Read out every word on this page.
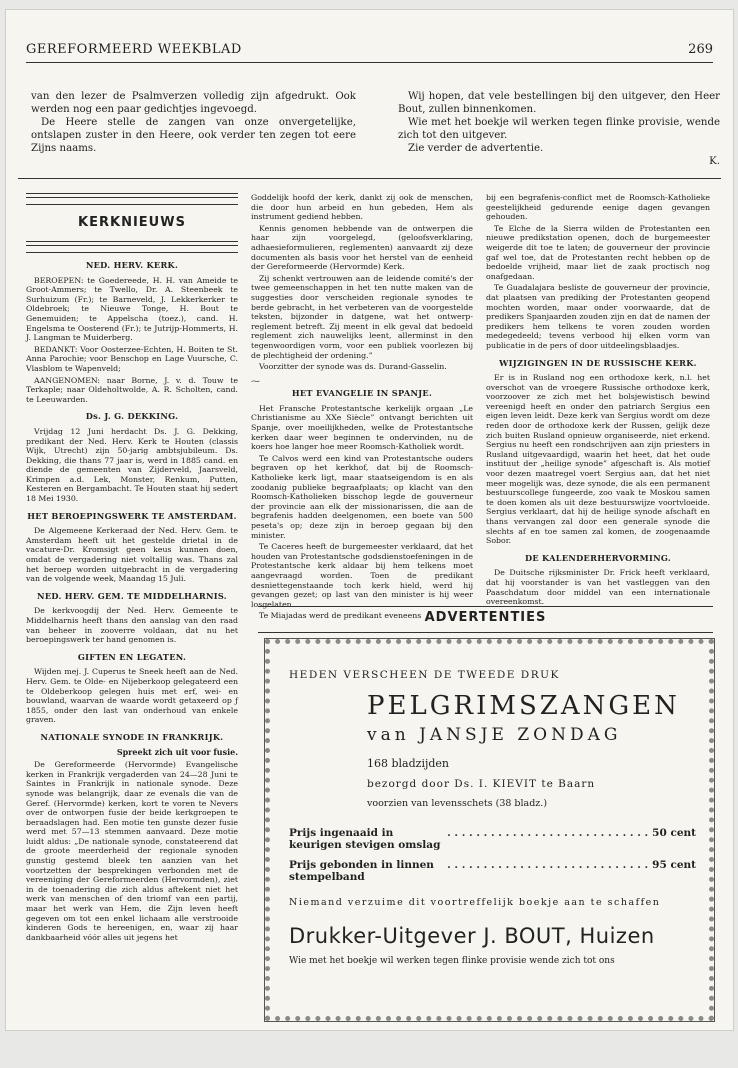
GEREFORMEERD WEEKBLAD	269

van den lezer de Psalmverzen volledig zijn afgedrukt. Ook werden nog een paar gedichtjes ingevoegd.

De Heere stelle de zangen van onze onvergetelijke, ontslapen zuster in den Heere, ook verder ten zegen tot eere Zijns naams.

Wij hopen, dat vele bestellingen bij den uitgever, den Heer Bout, zullen binnenkomen.

Wie met het boekje wil werken tegen flinke provisie, wende zich tot den uitgever.

Zie verder de advertentie.

K.
KERKNIEUWS
NED. HERV. KERK.

BEROEPEN: te Goedereede, H. H. van Ameide te Groot-Ammers; te Twello, Dr. A. Steenbeek te Surhuizum (Fr.); te Barneveld, J. Lekkerkerker te Oldebroek; te Nieuwe Tonge, H. Bout te Genemuiden; te Appelscha (toez.), cand. H. Engelsma te Oosterend (Fr.); te Jutrijp-Hommerts, H. J. Langman te Muiderberg.

BEDANKT: Voor Oosterzee-Echten, H. Boiten te St. Anna Parochie; voor Benschop en Lage Vuursche, C. Vlasblom te Wapenveld;

AANGENOMEN: naar Borne, J. v. d. Touw te Terkaple; naar Oldeholtwolde, A. R. Scholten, cand. te Leeuwarden.

Ds. J. G. DEKKING.

Vrijdag 12 Juni herdacht Ds. J. G. Dekking, predikant der Ned. Herv. Kerk te Houten (classis Wijk, Utrecht) zijn 50-jarig ambtsjubileum. Ds. Dekking, die thans 77 jaar is, werd in 1885 cand. en diende de gemeenten van Zijderveld, Jaarsveld, Krimpen a.d. Lek, Monster, Renkum, Putten, Kesteren en Bergambacht. Te Houten staat hij sedert 18 Mei 1930.

HET BEROEPINGSWERK TE AMSTERDAM.

De Algemeene Kerkeraad der Ned. Herv. Gem. te Amsterdam heeft uit het gestelde drietal in de vacature-Dr. Kromsigt geen keus kunnen doen, omdat de vergadering niet voltallig was. Thans zal het beroep worden uitgebracht in de vergadering van de volgende week, Maandag 15 Juli.

NED. HERV. GEM. TE MIDDELHARNIS.

De kerkvoogdij der Ned. Herv. Gemeente te Middelharnis heeft thans den aanslag van den raad van beheer in zooverre voldaan, dat nu het beroepingswerk ter hand genomen is.

GIFTEN EN LEGATEN.

Wijden mej. J. Cuperus te Sneek heeft aan de Ned. Herv. Gem. te Olde- en Nijeberkoop gelegateerd een te Oldeberkoop gelegen huis met erf, wei- en bouwland, waarvan de waarde wordt getaxeerd op ƒ 1855, onder den last van onderhoud van enkele graven.

NATIONALE SYNODE IN FRANKRIJK.
Spreekt zich uit voor fusie.

De Gereformeerde (Hervormde) Evangelische kerken in Frankrijk vergaderden van 24—28 Juni te Saintes in Frankrijk in nationale synode. Deze synode was belangrijk, daar ze evenals die van de Geref. (Hervormde) kerken, kort te voren te Nevers over de ontworpen fusie der beide kerkgroepen te beraadslagen had. Een motie ten gunste dezer fusie werd met 57—13 stemmen aanvaard. Deze motie luidt aldus: „De nationale synode, constateerend dat de groote meerderheid der regionale synoden gunstig gestemd bleek ten aanzien van het voortzetten der besprekingen verbonden met de vereeniging der Gereformeerden (Hervormden), ziet in de toenadering die zich aldus aftekent niet het werk van menschen of den triomf van een partij, maar het werk van Hem, die Zijn leven heeft gegeven om tot een enkel lichaam alle verstrooide kinderen Gods te hereenigen, en, waar zij haar dankbaarheid vóór alles uit jegens het

Goddelijk hoofd der kerk, dankt zij ook de menschen, die door hun arbeid en hun gebeden, Hem als instrument gediend hebben.

Kennis genomen hebbende van de ontwerpen die haar zijn voorgelegd, (geloofsverklaring, adhaesieformulieren, reglementen) aanvaardt zij deze documenten als basis voor het herstel van de eenheid der Gereformeerde (Hervormde) Kerk.

Zij schenkt vertrouwen aan de leidende comité's der twee gemeenschappen in het ten nutte maken van de suggesties door verscheiden regionale synodes te berde gebracht, in het verbeteren van de voorgestelde teksten, bijzonder in datgene, wat het ontwerp-reglement betreft. Zij meent in elk geval dat bedoeld reglement zich nauwelijks leent, allerminst in den tegenwoordigen vorm, voor een publiek voorlezen bij de plechtigheid der ordening.”

Voorzitter der synode was ds. Durand-Gasselin.

⁓
HET EVANGELIE IN SPANJE.

Het Fransche Protestantsche kerkelijk orgaan „Le Christianisme au XXe Siècle” ontvangt berichten uit Spanje, over moeilijkheden, welke de Protestantsche kerken daar weer beginnen te ondervinden, nu de koers hoe langer hoe meer Roomsch-Katholiek wordt.

Te Calvos werd een kind van Protestantsche ouders begraven op het kerkhof, dat bij de Roomsch-Katholieke kerk ligt, maar staatseigendom is en als zoodanig publieke begraafplaats; op klacht van den Roomsch-Katholieken bisschop legde de gouverneur der provincie aan elk der missionarissen, die aan de begrafenis hadden deelgenomen, een boete van 500 peseta's op; deze zijn in beroep gegaan bij den minister.

Te Caceres heeft de burgemeester verklaard, dat het houden van Protestantsche godsdienstoefeningen in de Protestantsche kerk aldaar bij hem telkens moet aangevraagd worden. Toen de predikant desniettegenstaande toch kerk hield, werd hij gevangen gezet; op last van den minister is hij weer losgelaten.

Te Miajadas werd de predikant eveneens

bij een begrafenis-conflict met de Roomsch-Katholieke geestelijkheid gedurende eenige dagen gevangen gehouden.

Te Elche de la Sierra wilden de Protestanten een nieuwe predikstation openen, doch de burgemeester weigerde dit toe te laten; de gouverneur der provincie gaf wel toe, dat de Protestanten recht hebben op de bedoelde vrijheid, maar liet de zaak proctisch nog onafgedaan.

Te Guadalajara besliste de gouverneur der provincie, dat plaatsen van prediking der Protestanten geopend mochten worden, maar onder voorwaarde, dat de predikers Spanjaarden zouden zijn en dat de namen der predikers hem telkens te voren zouden worden medegedeeld; tevens verbood hij elken vorm van publicatie in de pers of door uitdeelingsblaadjes.

WIJZIGINGEN IN DE RUSSISCHE KERK.

Er is in Rusland nog een orthodoxe kerk, n.l. het overschot van de vroegere Russische orthodoxe kerk, voorzoover ze zich met het bolsjewistisch bewind vereenigd heeft en onder den patriarch Sergius een eigen leven leidt. Deze kerk van Sergius wordt om deze reden door de orthodoxe kerk der Russen, gelijk deze zich buiten Rusland opnieuw organiseerde, niet erkend. Sergius nu heeft een rondschrijven aan zijn priesters in Rusland uitgevaardigd, waarin het heet, dat het oude instituut der „heilige synode” afgeschaft is. Als motief voor dezen maatregel voert Sergius aan, dat het niet meer mogelijk was, deze synode, die als een permanent bestuurscollege fungeerde, zoo vaak te Moskou samen te doen komen als uit deze bestuurswijze voortvloeide. Sergius verklaart, dat hij de heilige synode afschaft en thans vervangen zal door een generale synode die slechts af en toe samen zal komen, de zoogenaamde Sobor.

DE KALENDERHERVORMING.

De Duitsche rijksminister Dr. Frick heeft verklaard, dat hij voorstander is van het vastleggen van den Paaschdatum door middel van een internationale overeenkomst.

ADVERTENTIES
HEDEN VERSCHEEN DE TWEEDE DRUK
PELGRIMSZANGEN
van JANSJE ZONDAG
168 bladzijden
bezorgd door Ds. I. KIEVIT te Baarn
voorzien van levensschets (38 bladz.)
Prijs ingenaaid in keurigen stevigen omslag
. . . . . . . . . . . . . . . . . . . . . . . . . . . . 50 cent
Prijs gebonden in linnen stempelband
. . . . . . . . . . . . . . . . . . . . . . . . . . . . 95 cent
Niemand verzuime dit voortreffelijk boekje aan te schaffen
Drukker-Uitgever J. BOUT, Huizen
Wie met het boekje wil werken tegen flinke provisie wende zich tot ons
